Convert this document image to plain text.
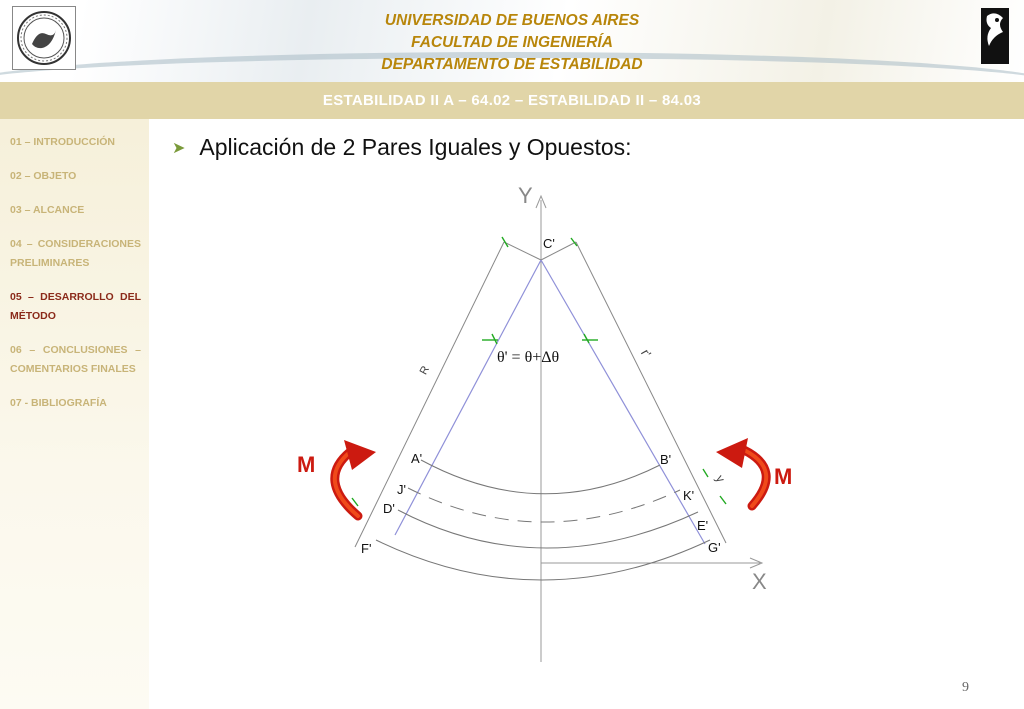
UNIVERSIDAD DE BUENOS AIRES
FACULTAD DE INGENIERÍA
DEPARTAMENTO DE ESTABILIDAD
ESTABILIDAD II A – 64.02 – ESTABILIDAD II – 84.03
01 – INTRODUCCIÓN
02 – OBJETO
03 – ALCANCE
04 – CONSIDERACIONES PRELIMINARES
05 – DESARROLLO DEL MÉTODO
06 – CONCLUSIONES – COMENTARIOS FINALES
07 - BIBLIOGRAFÍA
➤ Aplicación de 2 Pares Iguales y Opuestos:
Y
X
C'
A'	B'
J'	K'
D'
E'
F'	G'
R
r'
y
θ' = θ+Δθ
M	M
9
